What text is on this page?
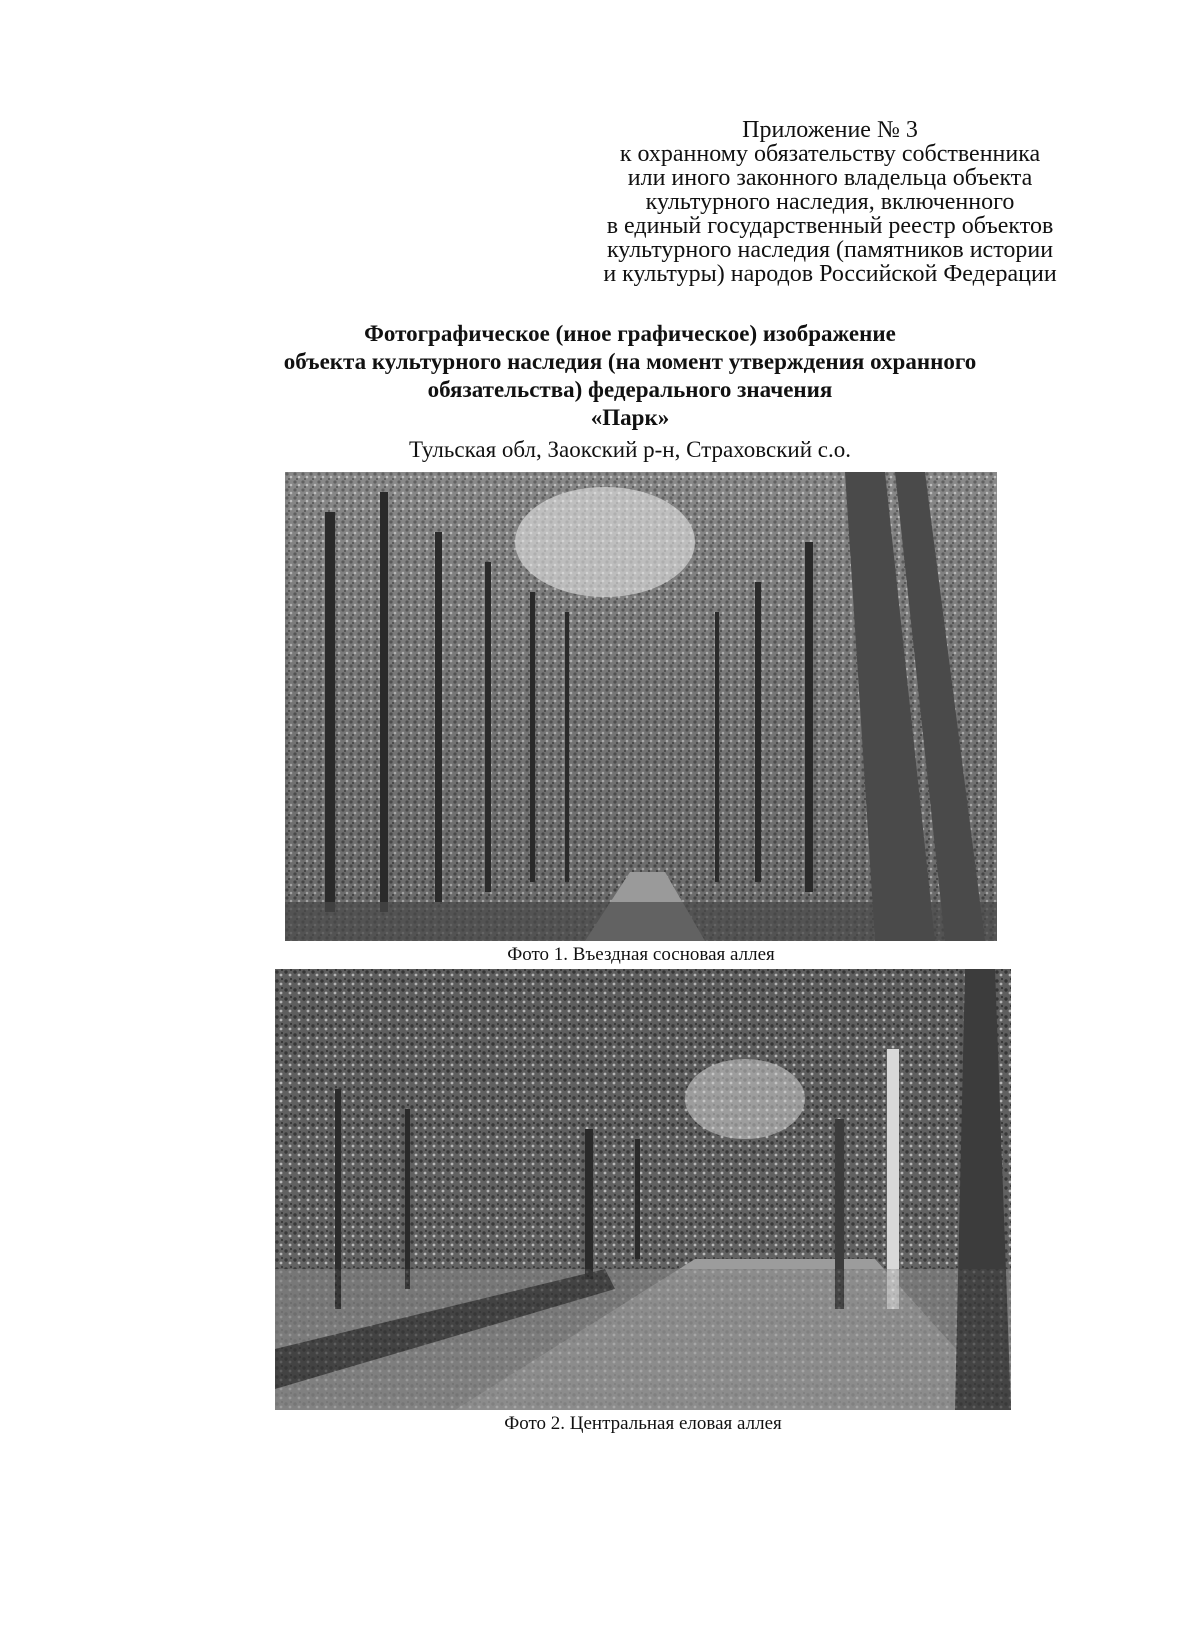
Приложение № 3
к охранному обязательству собственника
или иного законного владельца объекта
культурного наследия, включенного
в единый государственный реестр объектов
культурного наследия (памятников истории
и культуры) народов Российской Федерации
Фотографическое (иное графическое) изображение
объекта культурного наследия (на момент утверждения охранного
обязательства) федерального значения
«Парк»
Тульская обл, Заокский р-н, Страховский с.о.
Фото 1. Въездная сосновая аллея
Фото 2. Центральная еловая аллея
